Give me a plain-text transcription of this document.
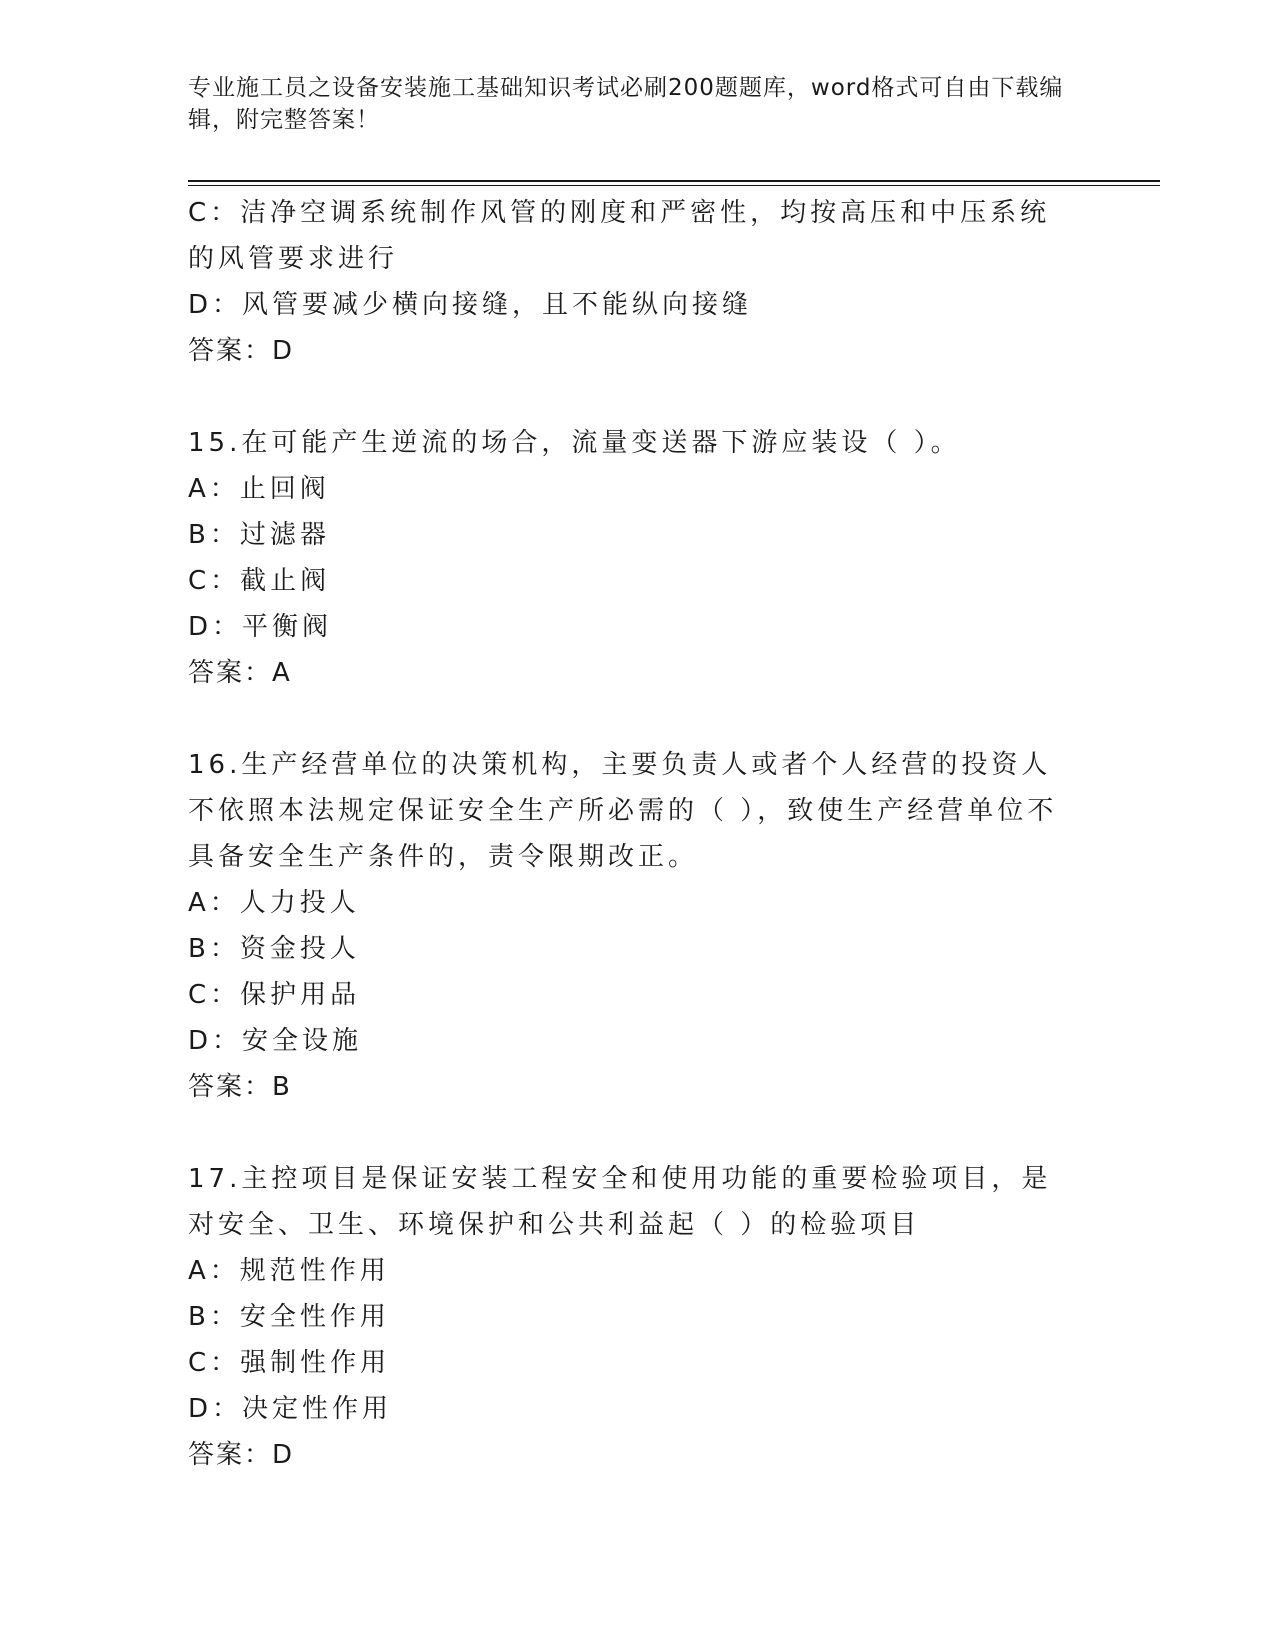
专业施工员之设备安装施工基础知识考试必刷200题题库，word格式可自由下载编辑，附完整答案！

C：洁净空调系统制作风管的刚度和严密性，均按高压和中压系统的风管要求进行

D：风管要减少横向接缝，且不能纵向接缝

答案：D

15.在可能产生逆流的场合，流量变送器下游应装设（ ）。

A：止回阀

B：过滤器

C：截止阀

D：平衡阀

答案：A

16.生产经营单位的决策机构，主要负责人或者个人经营的投资人不依照本法规定保证安全生产所必需的（ ），致使生产经营单位不具备安全生产条件的，责令限期改正。

A：人力投人

B：资金投人

C：保护用品

D：安全设施

答案：B

17.主控项目是保证安装工程安全和使用功能的重要检验项目，是对安全、卫生、环境保护和公共利益起（ ）的检验项目

A：规范性作用

B：安全性作用

C：强制性作用

D：决定性作用

答案：D
